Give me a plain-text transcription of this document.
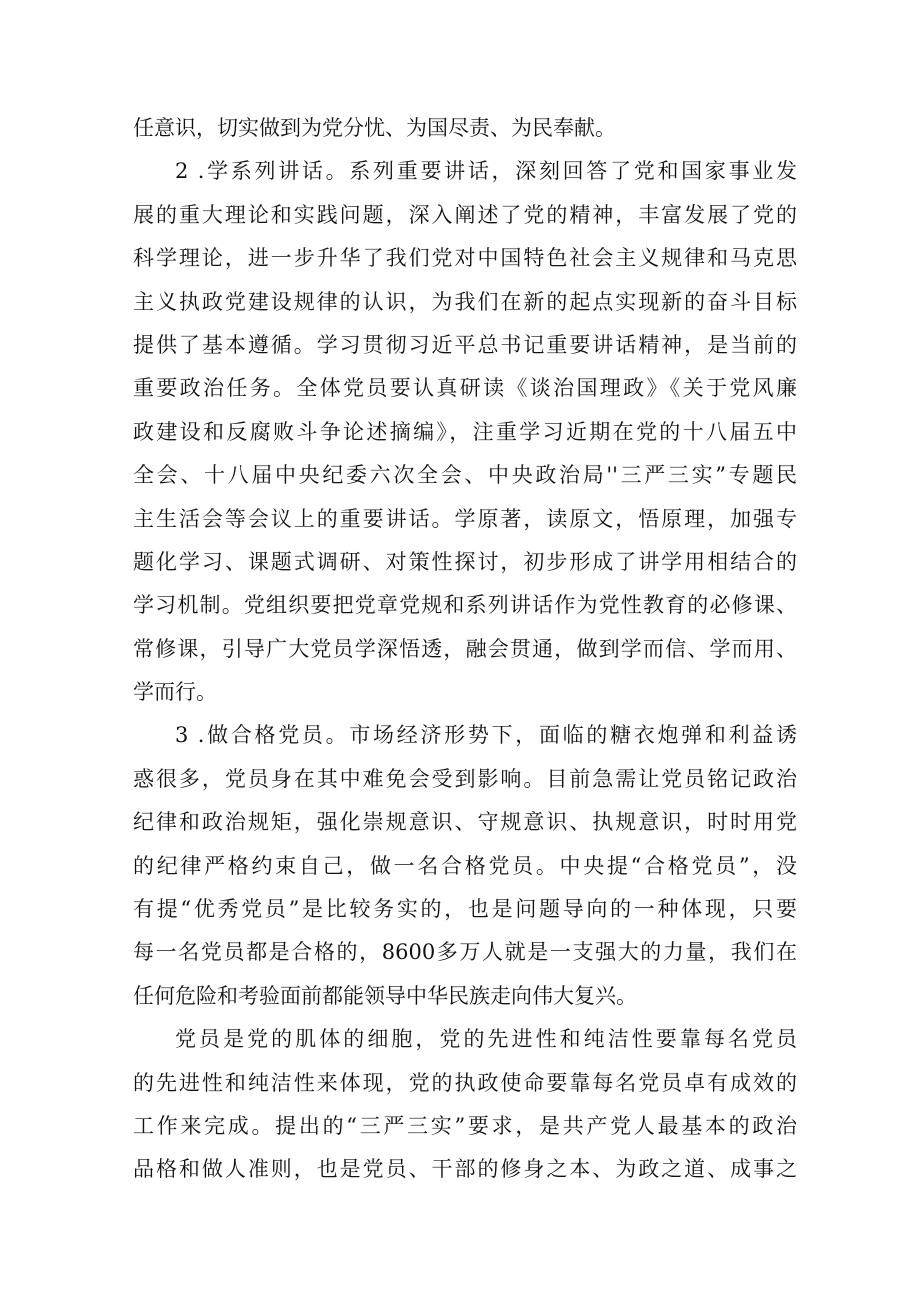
任意识，切实做到为党分忧、为国尽责、为民奉献。
2 .学系列讲话。系列重要讲话，深刻回答了党和国家事业发
展的重大理论和实践问题，深入阐述了党的精神，丰富发展了党的
科学理论，进一步升华了我们党对中国特色社会主义规律和马克思
主义执政党建设规律的认识，为我们在新的起点实现新的奋斗目标
提供了基本遵循。学习贯彻习近平总书记重要讲话精神，是当前的
重要政治任务。全体党员要认真研读《谈治国理政》《关于党风廉
政建设和反腐败斗争论述摘编》，注重学习近期在党的十八届五中
全会、十八届中央纪委六次全会、中央政治局''三严三实”专题民
主生活会等会议上的重要讲话。学原著，读原文，悟原理，加强专
题化学习、课题式调研、对策性探讨，初步形成了讲学用相结合的
学习机制。党组织要把党章党规和系列讲话作为党性教育的必修课、
常修课，引导广大党员学深悟透，融会贯通，做到学而信、学而用、
学而行。
3 .做合格党员。市场经济形势下，面临的糖衣炮弹和利益诱
惑很多，党员身在其中难免会受到影响。目前急需让党员铭记政治
纪律和政治规矩，强化崇规意识、守规意识、执规意识，时时用党
的纪律严格约束自己，做一名合格党员。中央提“合格党员”，没
有提“优秀党员”是比较务实的，也是问题导向的一种体现，只要
每一名党员都是合格的，8600多万人就是一支强大的力量，我们在
任何危险和考验面前都能领导中华民族走向伟大复兴。
党员是党的肌体的细胞，党的先进性和纯洁性要靠每名党员
的先进性和纯洁性来体现，党的执政使命要靠每名党员卓有成效的
工作来完成。提出的“三严三实”要求，是共产党人最基本的政治
品格和做人准则，也是党员、干部的修身之本、为政之道、成事之
